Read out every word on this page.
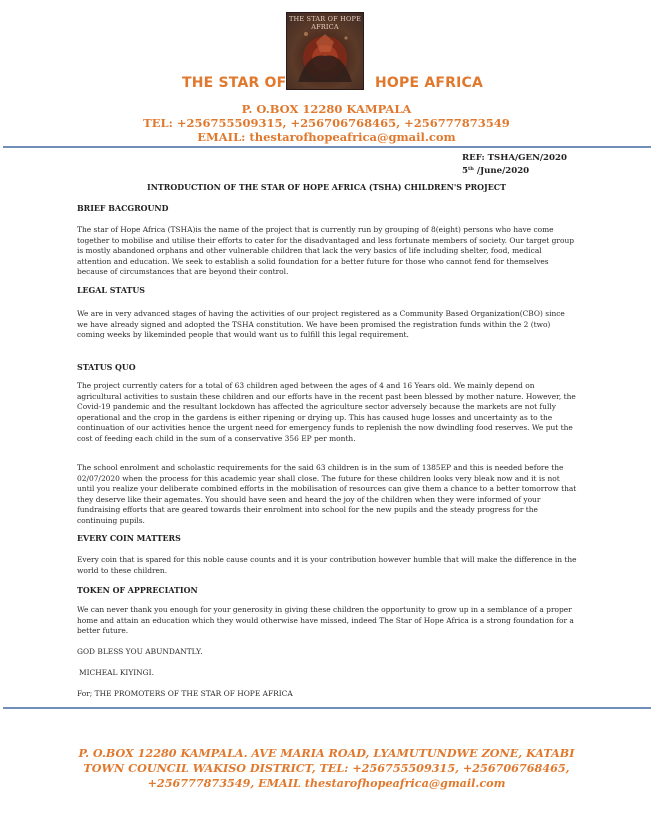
THE STAR OF HOPE AFRICA
THE STAR OF	HOPE AFRICA
P. O.BOX 12280 KAMPALA
TEL: +256755509315, +256706768465, +256777873549
EMAIL: thestarofhopeafrica@gmail.com
REF: TSHA/GEN/2020
5th /June/2020
INTRODUCTION OF THE STAR OF HOPE AFRICA (TSHA) CHILDREN'S PROJECT
BRIEF BACGROUND
The star of Hope Africa (TSHA)is the name of the project that is currently run by grouping of 8(eight) persons who have come together to mobilise and utilise their efforts to cater for the disadvantaged and less fortunate members of society. Our target group is mostly abandoned orphans and other vulnerable children that lack the very basics of life including shelter, food, medical attention and education. We seek to establish a solid foundation for a better future for those who cannot fend for themselves because of circumstances that are beyond their control.
LEGAL STATUS
We are in very advanced stages of having the activities of our project registered as a Community Based Organization(CBO) since we have already signed and adopted the TSHA constitution. We have been promised the registration funds within the 2 (two) coming weeks by likeminded people that would want us to fulfill this legal requirement.
STATUS QUO
The project currently caters for a total of 63 children aged between the ages of 4 and 16 Years old. We mainly depend on agricultural activities to sustain these children and our efforts have in the recent past been blessed by mother nature. However, the Covid-19 pandemic and the resultant lockdown has affected the agriculture sector adversely because the markets are not fully operational and the crop in the gardens is either ripening or drying up. This has caused huge losses and uncertainty as to the continuation of our activities hence the urgent need for emergency funds to replenish the now dwindling food reserves. We put the cost of feeding each child in the sum of a conservative 356 EP per month.
The school enrolment and scholastic requirements for the said 63 children is in the sum of 1385EP and this is needed before the 02/07/2020 when the process for this academic year shall close. The future for these children looks very bleak now and it is not until you realize your deliberate combined efforts in the mobilisation of resources can give them a chance to a better tomorrow that they deserve like their agemates. You should have seen and heard the joy of the children when they were informed of your fundraising efforts that are geared towards their enrolment into school for the new pupils and the steady progress for the continuing pupils.
EVERY COIN MATTERS
Every coin that is spared for this noble cause counts and it is your contribution however humble that will make the difference in the world to these children.
TOKEN OF APPRECIATION
We can never thank you enough for your generosity in giving these children the opportunity to grow up in a semblance of a proper home and attain an education which they would otherwise have missed, indeed The Star of Hope Africa is a strong foundation for a better future.
GOD BLESS YOU ABUNDANTLY.
MICHEAL KIYINGI.
For; THE PROMOTERS OF THE STAR OF HOPE AFRICA
P. O.BOX 12280 KAMPALA. AVE MARIA ROAD, LYAMUTUNDWE ZONE, KATABI TOWN COUNCIL WAKISO DISTRICT, TEL: +256755509315, +256706768465, +256777873549, EMAIL thestarofhopeafrica@gmail.com
